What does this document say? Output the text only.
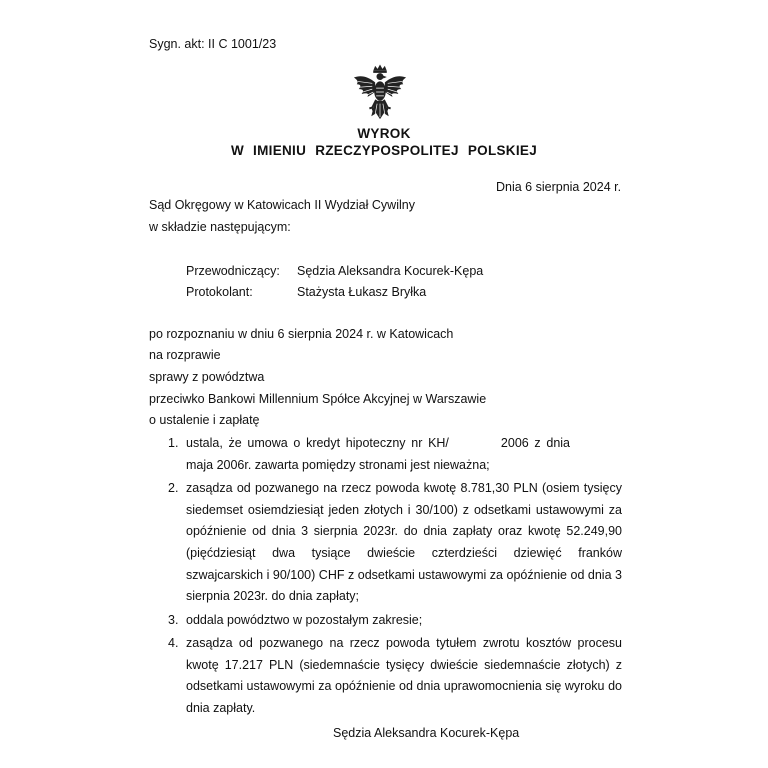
Sygn. akt: II C 1001/23
WYROK
W IMIENIU RZECZYPOSPOLITEJ POLSKIEJ
Dnia 6 sierpnia 2024 r.
Sąd Okręgowy w Katowicach II Wydział Cywilny
w składzie następującym:
Przewodniczący: Sędzia Aleksandra Kocurek-Kępa
Protokolant:	Stażysta Łukasz Bryłka
po rozpoznaniu w dniu 6 sierpnia 2024 r. w Katowicach
na rozprawie
sprawy z powództwa
przeciwko Bankowi Millennium Spółce Akcyjnej w Warszawie
o ustalenie i zapłatę
1. ustala, że umowa o kredyt hipoteczny nr KH/	2006 z dniamaja 2006r. zawarta pomiędzy stronami jest nieważna;
2. zasądza od pozwanego na rzecz powoda kwotę 8.781,30 PLN (osiem tysięcy siedemset osiemdziesiąt jeden złotych i 30/100) z odsetkami ustawowymi za opóźnienie od dnia 3 sierpnia 2023r. do dnia zapłaty oraz kwotę 52.249,90 (pięćdziesiąt dwa tysiące dwieście czterdzieści dziewięć franków szwajcarskich i 90/100) CHF z odsetkami ustawowymi za opóźnienie od dnia 3 sierpnia 2023r. do dnia zapłaty;
3. oddala powództwo w pozostałym zakresie;
4. zasądza od pozwanego na rzecz powoda tytułem zwrotu kosztów procesu kwotę 17.217 PLN (siedemnaście tysięcy dwieście siedemnaście złotych) z odsetkami ustawowymi za opóźnienie od dnia uprawomocnienia się wyroku do dnia zapłaty.
Sędzia Aleksandra Kocurek-Kępa
